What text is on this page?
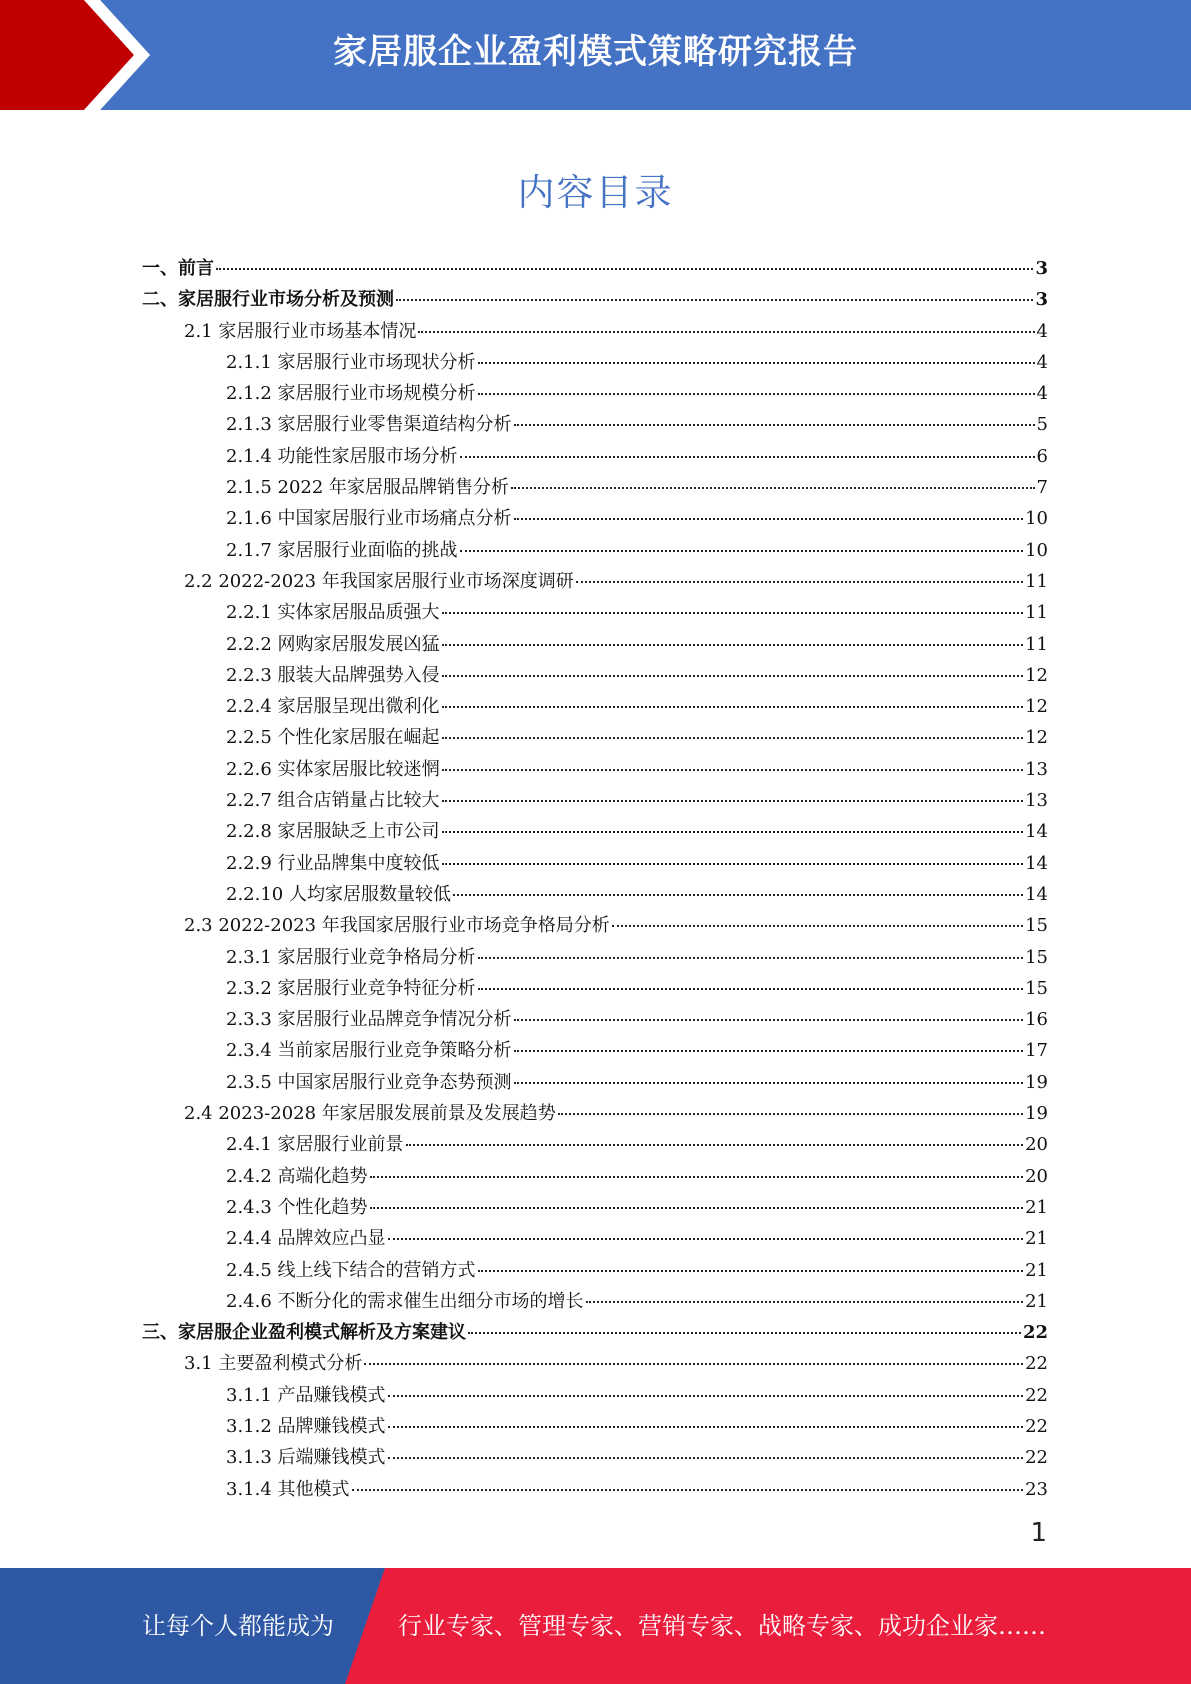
家居服企业盈利模式策略研究报告
内容目录
一、前言	3
二、家居服行业市场分析及预测	3
2.1 家居服行业市场基本情况	4
2.1.1 家居服行业市场现状分析	4
2.1.2 家居服行业市场规模分析	4
2.1.3 家居服行业零售渠道结构分析	5
2.1.4 功能性家居服市场分析	6
2.1.5 2022 年家居服品牌销售分析	7
2.1.6 中国家居服行业市场痛点分析	10
2.1.7 家居服行业面临的挑战	10
2.2 2022-2023 年我国家居服行业市场深度调研	11
2.2.1 实体家居服品质强大	11
2.2.2 网购家居服发展凶猛	11
2.2.3 服装大品牌强势入侵	12
2.2.4 家居服呈现出微利化	12
2.2.5 个性化家居服在崛起	12
2.2.6 实体家居服比较迷惘	13
2.2.7 组合店销量占比较大	13
2.2.8 家居服缺乏上市公司	14
2.2.9 行业品牌集中度较低	14
2.2.10 人均家居服数量较低	14
2.3 2022-2023 年我国家居服行业市场竞争格局分析	15
2.3.1 家居服行业竞争格局分析	15
2.3.2 家居服行业竞争特征分析	15
2.3.3 家居服行业品牌竞争情况分析	16
2.3.4 当前家居服行业竞争策略分析	17
2.3.5 中国家居服行业竞争态势预测	19
2.4 2023-2028 年家居服发展前景及发展趋势	19
2.4.1 家居服行业前景	20
2.4.2 高端化趋势	20
2.4.3 个性化趋势	21
2.4.4 品牌效应凸显	21
2.4.5 线上线下结合的营销方式	21
2.4.6 不断分化的需求催生出细分市场的增长	21
三、家居服企业盈利模式解析及方案建议	22
3.1 主要盈利模式分析	22
3.1.1 产品赚钱模式	22
3.1.2 品牌赚钱模式	22
3.1.3 后端赚钱模式	22
3.1.4 其他模式	23
1
让每个人都能成为	行业专家、管理专家、营销专家、战略专家、成功企业家……
